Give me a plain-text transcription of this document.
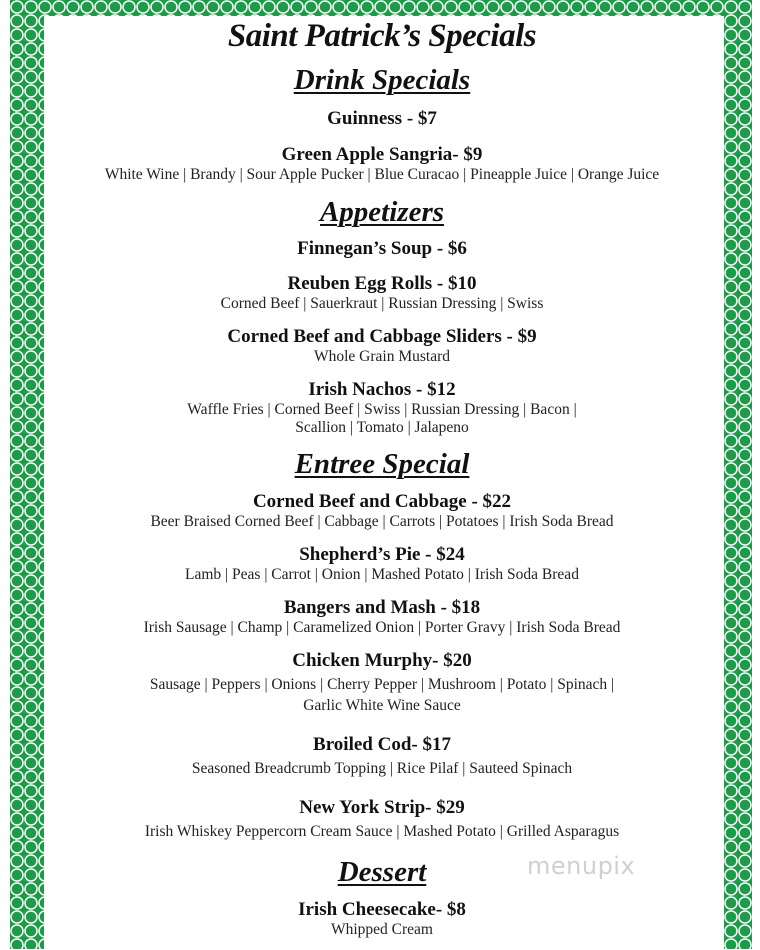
Saint Patrick’s Specials
Drink Specials
Guinness - $7
Green Apple Sangria- $9
White Wine | Brandy | Sour Apple Pucker | Blue Curacao | Pineapple Juice | Orange Juice
Appetizers
Finnegan’s Soup - $6
Reuben Egg Rolls - $10
Corned Beef | Sauerkraut | Russian Dressing | Swiss
Corned Beef and Cabbage Sliders - $9
Whole Grain Mustard
Irish Nachos - $12
Waffle Fries | Corned Beef | Swiss | Russian Dressing | Bacon |
Scallion | Tomato | Jalapeno
Entree Special
Corned Beef and Cabbage - $22
Beer Braised Corned Beef | Cabbage | Carrots | Potatoes | Irish Soda Bread
Shepherd’s Pie - $24
Lamb | Peas | Carrot | Onion | Mashed Potato | Irish Soda Bread
Bangers and Mash - $18
Irish Sausage | Champ | Caramelized Onion | Porter Gravy | Irish Soda Bread
Chicken Murphy- $20
Sausage | Peppers | Onions | Cherry Pepper | Mushroom | Potato | Spinach |
Garlic White Wine Sauce
Broiled Cod- $17
Seasoned Breadcrumb Topping | Rice Pilaf | Sauteed Spinach
New York Strip- $29
Irish Whiskey Peppercorn Cream Sauce | Mashed Potato | Grilled Asparagus
Dessert
Irish Cheesecake- $8
Whipped Cream
menupix
